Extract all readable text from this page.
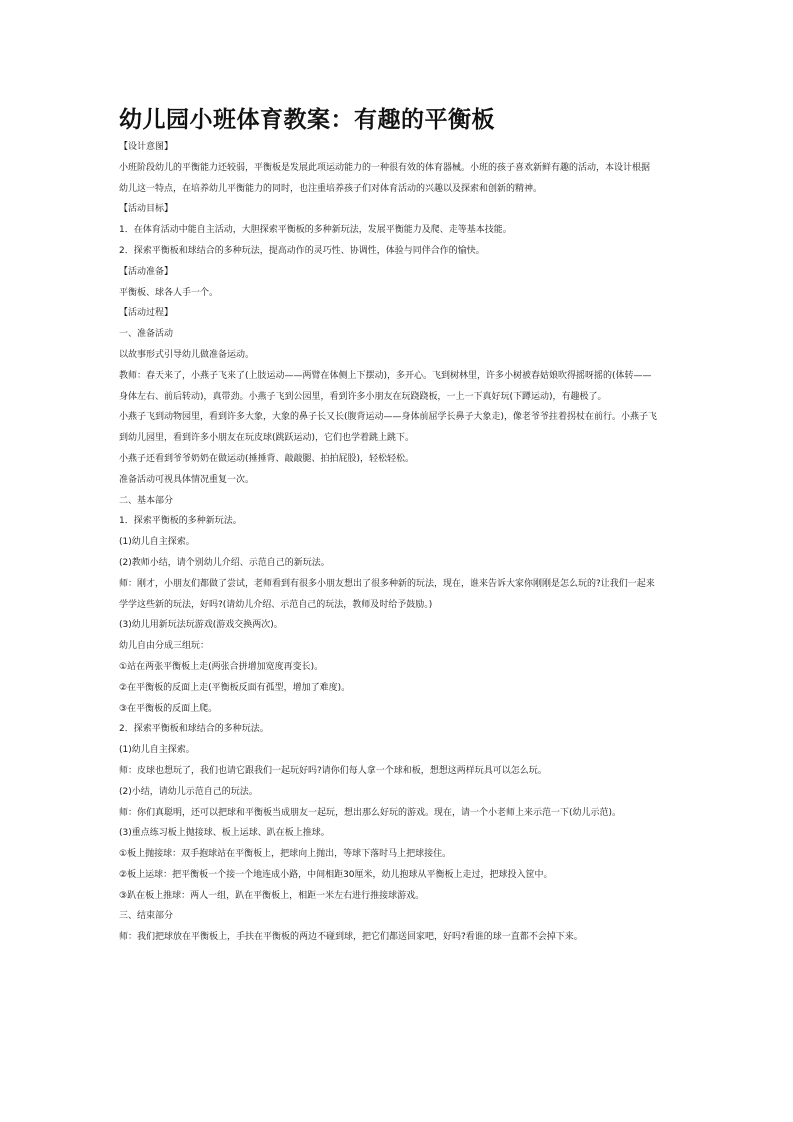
幼儿园小班体育教案：有趣的平衡板
【设计意图】
小班阶段幼儿的平衡能力还较弱，平衡板是发展此项运动能力的一种很有效的体育器械。小班的孩子喜欢新鲜有趣的活动，本设计根据
幼儿这一特点，在培养幼儿平衡能力的同时，也注重培养孩子们对体育活动的兴趣以及探索和创新的精神。
【活动目标】
1．在体育活动中能自主活动，大胆探索平衡板的多种新玩法，发展平衡能力及爬、走等基本技能。
2．探索平衡板和球结合的多种玩法，提高动作的灵巧性、协调性，体验与同伴合作的愉快。
【活动准备】
平衡板、球各人手一个。
【活动过程】
一、准备活动
以故事形式引导幼儿做准备运动。
教师：春天来了，小燕子飞来了(上肢运动——两臂在体侧上下摆动)，多开心。飞到树林里，许多小树被春姑娘吹得摇呀摇的(体转——
身体左右、前后转动)，真带劲。小燕子飞到公园里，看到许多小朋友在玩跷跷板，一上一下真好玩(下蹲运动)，有趣极了。
小燕子飞到动物园里，看到许多大象，大象的鼻子长又长(腹背运动——身体前屈学长鼻子大象走)，像老爷爷拄着拐杖在前行。小燕子飞
到幼儿园里，看到许多小朋友在玩皮球(跳跃运动)，它们也学着跳上跳下。
小燕子还看到爷爷奶奶在做运动(捶捶背、敲敲腿、拍拍屁股)，轻松轻松。
准备活动可视具体情况重复一次。
二、基本部分
1．探索平衡板的多种新玩法。
(1)幼儿自主探索。
(2)教师小结，请个别幼儿介绍、示范自己的新玩法。
师：刚才，小朋友们都做了尝试，老师看到有很多小朋友想出了很多种新的玩法，现在，谁来告诉大家你刚刚是怎么玩的?让我们一起来
学学这些新的玩法，好吗?(请幼儿介绍、示范自己的玩法，教师及时给予鼓励。)
(3)幼儿用新玩法玩游戏(游戏交换两次)。
幼儿自由分成三组玩：
①站在两张平衡板上走(两张合拼增加宽度再变长)。
②在平衡板的反面上走(平衡板反面有孤型，增加了难度)。
③在平衡板的反面上爬。
2．探索平衡板和球结合的多种玩法。
(1)幼儿自主探索。
师：皮球也想玩了，我们也请它跟我们一起玩好吗?请你们每人拿一个球和板，想想这两样玩具可以怎么玩。
(2)小结，请幼儿示范自己的玩法。
师：你们真聪明，还可以把球和平衡板当成朋友一起玩，想出那么好玩的游戏。现在，请一个小老师上来示范一下(幼儿示范)。
(3)重点练习板上抛接球、板上运球、趴在板上推球。
①板上抛接球：双手抱球站在平衡板上，把球向上抛出，等球下落时马上把球接住。
②板上运球：把平衡板一个接一个地连成小路，中间相距30厘米，幼儿抱球从平衡板上走过，把球投入筐中。
③趴在板上推球：两人一组，趴在平衡板上，相距一米左右进行推接球游戏。
三、结束部分
师：我们把球放在平衡板上，手扶在平衡板的两边不碰到球，把它们都送回家吧，好吗?看谁的球一直都不会掉下来。
